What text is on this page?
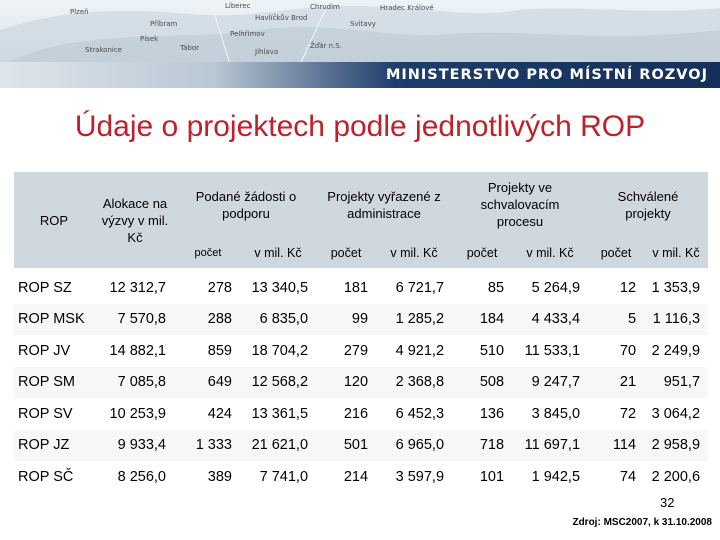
Liberec
Plzeň
Příbram
Písek
Strakonice	Tábor
Pelhřimov
Jihlava
Havlíčkův Brod
Chrudim
Svitavy
Žďár n.S.
Hradec Králové
MINISTERSTVO PRO MÍSTNÍ ROZVOJ
Údaje o projektech podle jednotlivých ROP
ROP	Alokace na výzvy v mil. Kč	Podané žádosti o podporu		Projekty vyřazené z administrace		Projekty ve schvalovacím procesu		Schválené projekty	
		počet	v mil. Kč	počet	v mil. Kč	počet	v mil. Kč	počet	v mil. Kč

ROP SZ	12 312,7	278	13 340,5	181	6 721,7	85	5 264,9	12	1 353,9
ROP MSK	7 570,8	288	6 835,0	99	1 285,2	184	4 433,4	5	1 116,3
ROP JV	14 882,1	859	18 704,2	279	4 921,2	510	11 533,1	70	2 249,9
ROP SM	7 085,8	649	12 568,2	120	2 368,8	508	9 247,7	21	951,7
ROP SV	10 253,9	424	13 361,5	216	6 452,3	136	3 845,0	72	3 064,2
ROP JZ	9 933,4	1 333	21 621,0	501	6 965,0	718	11 697,1	114	2 958,9
ROP SČ	8 256,0	389	7 741,0	214	3 597,9	101	1 942,5	74	2 200,6
32
Zdroj: MSC2007, k 31.10.2008
